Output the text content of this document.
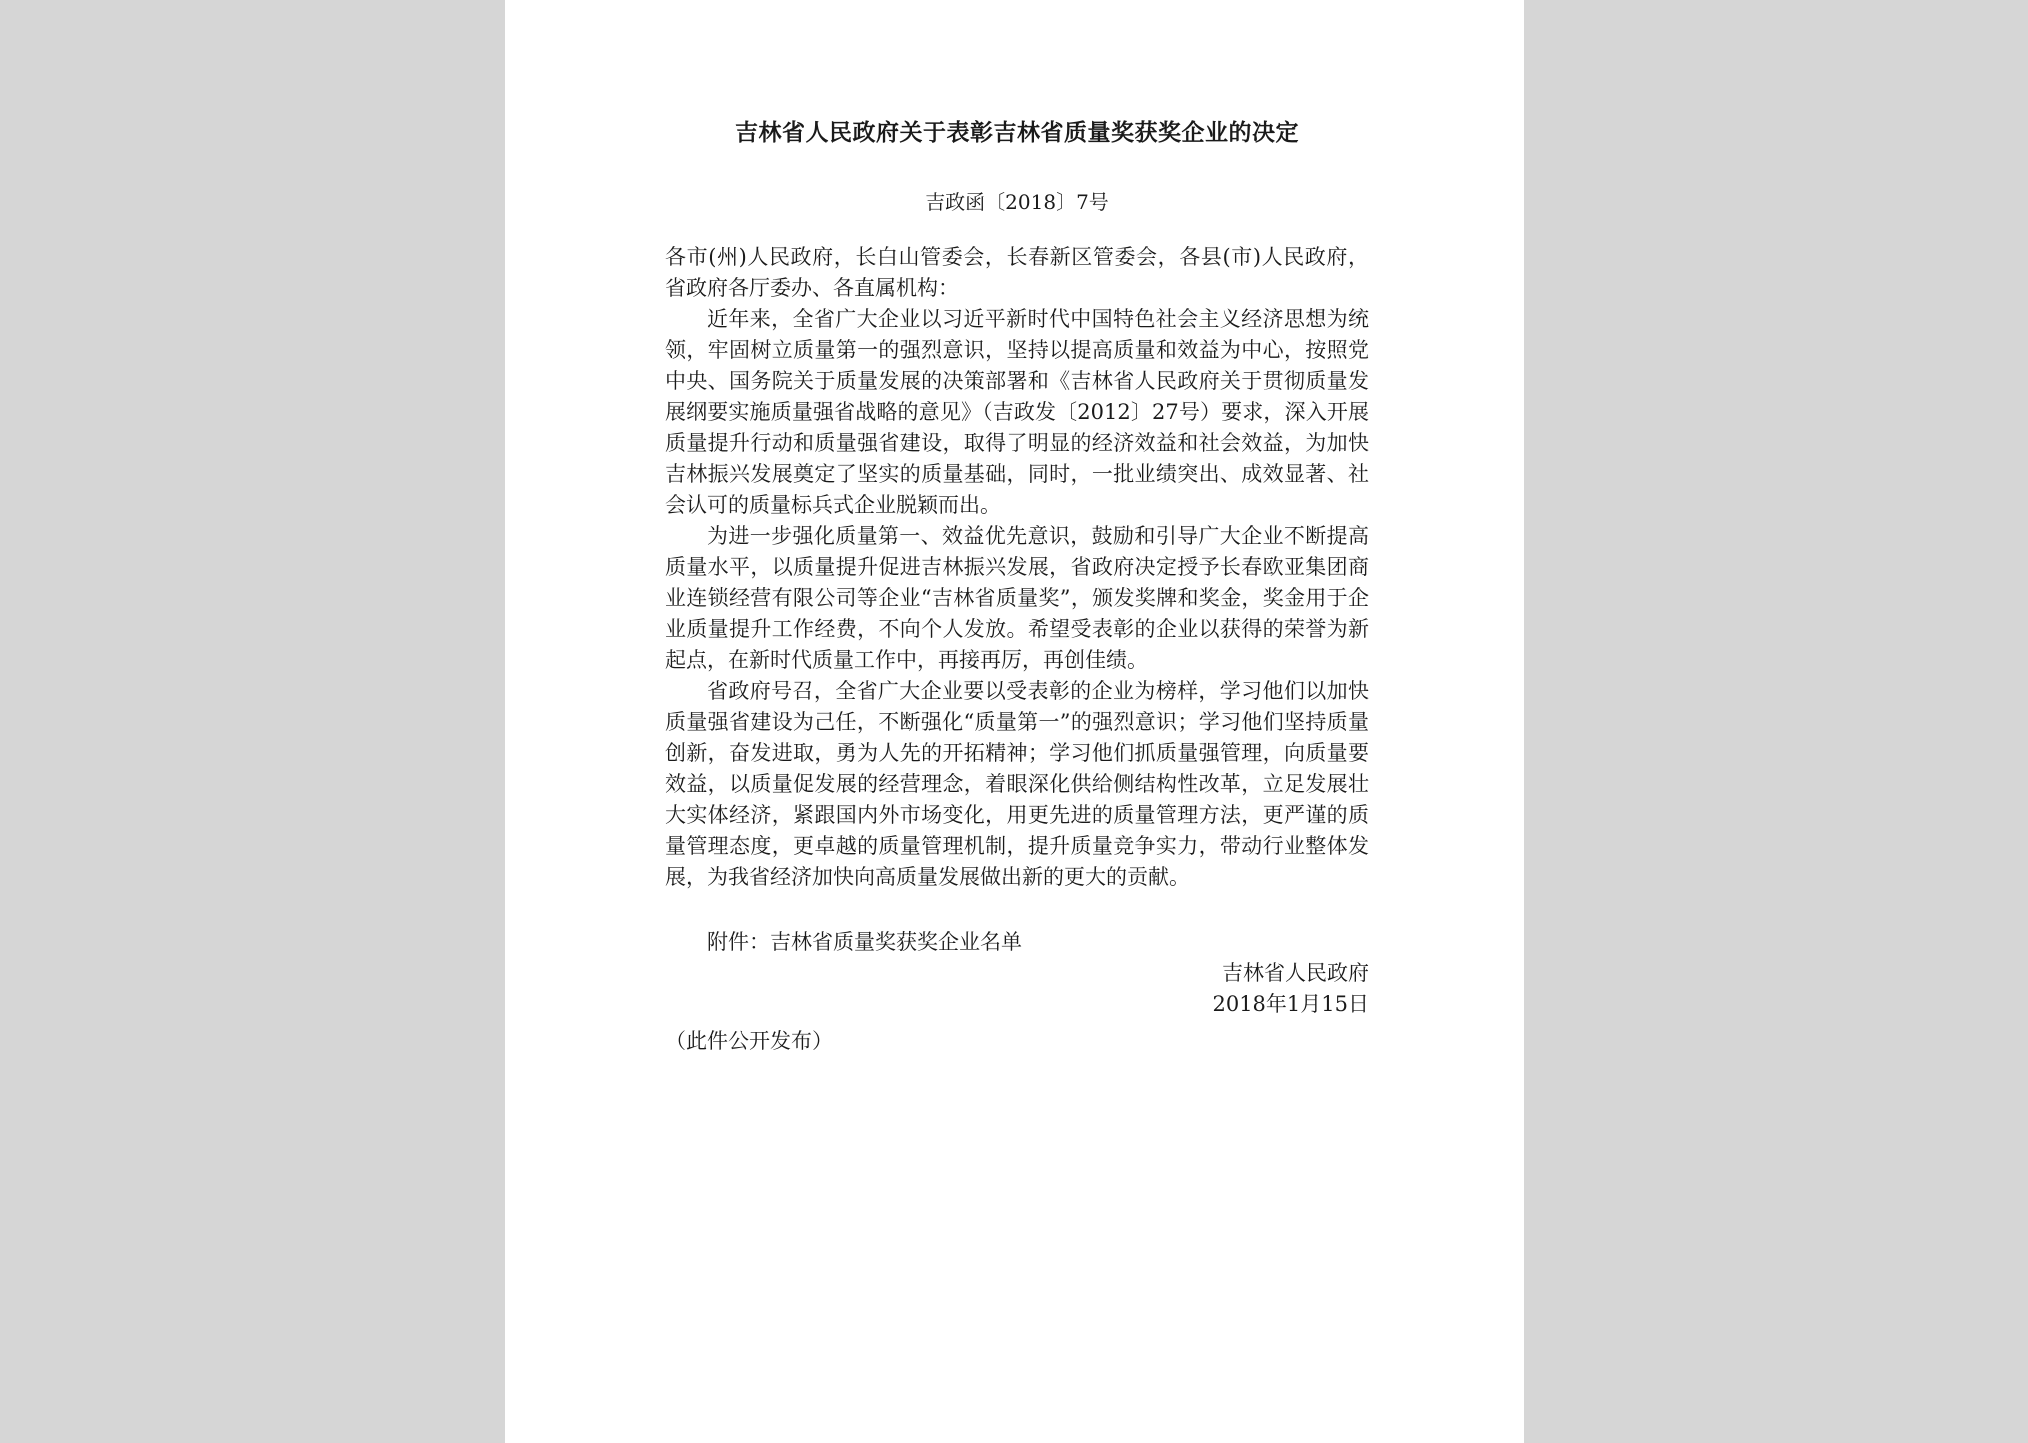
吉林省人民政府关于表彰吉林省质量奖获奖企业的决定
吉政函〔2018〕7号

各市(州)人民政府，长白山管委会，长春新区管委会，各县(市)人民政府，省政府各厅委办、各直属机构：

近年来，全省广大企业以习近平新时代中国特色社会主义经济思想为统领，牢固树立质量第一的强烈意识，坚持以提高质量和效益为中心，按照党中央、国务院关于质量发展的决策部署和《吉林省人民政府关于贯彻质量发展纲要实施质量强省战略的意见》（吉政发〔2012〕27号）要求，深入开展质量提升行动和质量强省建设，取得了明显的经济效益和社会效益，为加快吉林振兴发展奠定了坚实的质量基础，同时，一批业绩突出、成效显著、社会认可的质量标兵式企业脱颖而出。

为进一步强化质量第一、效益优先意识，鼓励和引导广大企业不断提高质量水平，以质量提升促进吉林振兴发展，省政府决定授予长春欧亚集团商业连锁经营有限公司等企业“吉林省质量奖”，颁发奖牌和奖金，奖金用于企业质量提升工作经费，不向个人发放。希望受表彰的企业以获得的荣誉为新起点，在新时代质量工作中，再接再厉，再创佳绩。

省政府号召，全省广大企业要以受表彰的企业为榜样，学习他们以加快质量强省建设为己任，不断强化“质量第一”的强烈意识；学习他们坚持质量创新，奋发进取，勇为人先的开拓精神；学习他们抓质量强管理，向质量要效益，以质量促发展的经营理念，着眼深化供给侧结构性改革，立足发展壮大实体经济，紧跟国内外市场变化，用更先进的质量管理方法，更严谨的质量管理态度，更卓越的质量管理机制，提升质量竞争实力，带动行业整体发展，为我省经济加快向高质量发展做出新的更大的贡献。

附件：吉林省质量奖获奖企业名单
吉林省人民政府
2018年1月15日
（此件公开发布）
